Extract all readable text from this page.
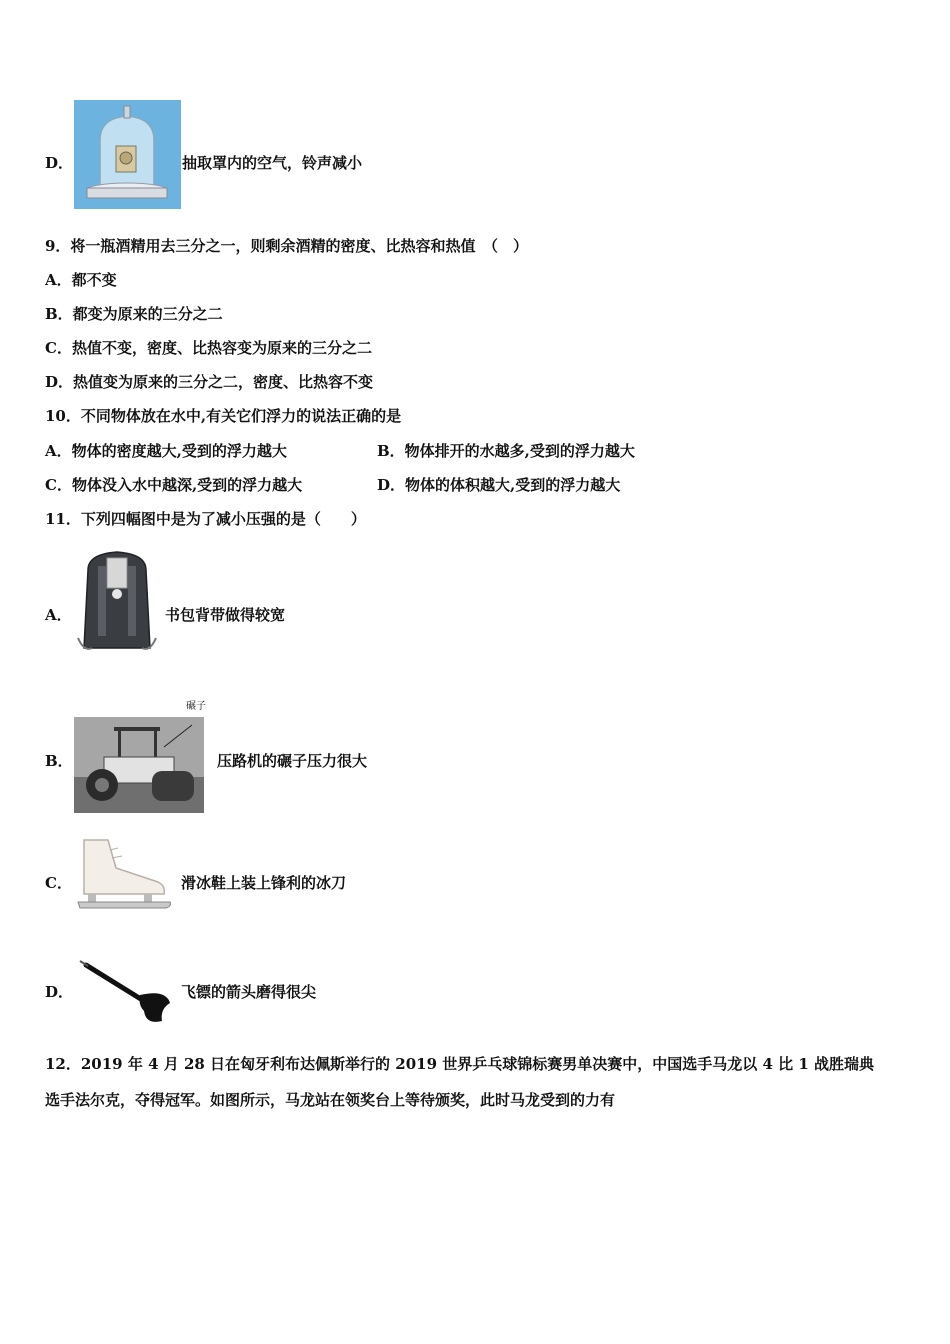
D．	抽取罩内的空气，铃声减小
9．将一瓶酒精用去三分之一，则剩余酒精的密度、比热容和热值　（　）
A．都不变
B．都变为原来的三分之二
C．热值不变，密度、比热容变为原来的三分之二
D．热值变为原来的三分之二，密度、比热容不变
10．不同物体放在水中,有关它们浮力的说法正确的是
A．物体的密度越大,受到的浮力越大	B．物体排开的水越多,受到的浮力越大
C．物体没入水中越深,受到的浮力越大	D．物体的体积越大,受到的浮力越大
11．下列四幅图中是为了减小压强的是（　　）
A．	书包背带做得较宽
B．
碾子
压路机的碾子压力很大
C．	滑冰鞋上装上锋利的冰刀
D．	飞镖的箭头磨得很尖
12．2019 年 4 月 28 日在匈牙利布达佩斯举行的 2019 世界乒乓球锦标赛男单决赛中，中国选手马龙以 4 比 1 战胜瑞典
选手法尔克，夺得冠军。如图所示，马龙站在领奖台上等待颁奖，此时马龙受到的力有
